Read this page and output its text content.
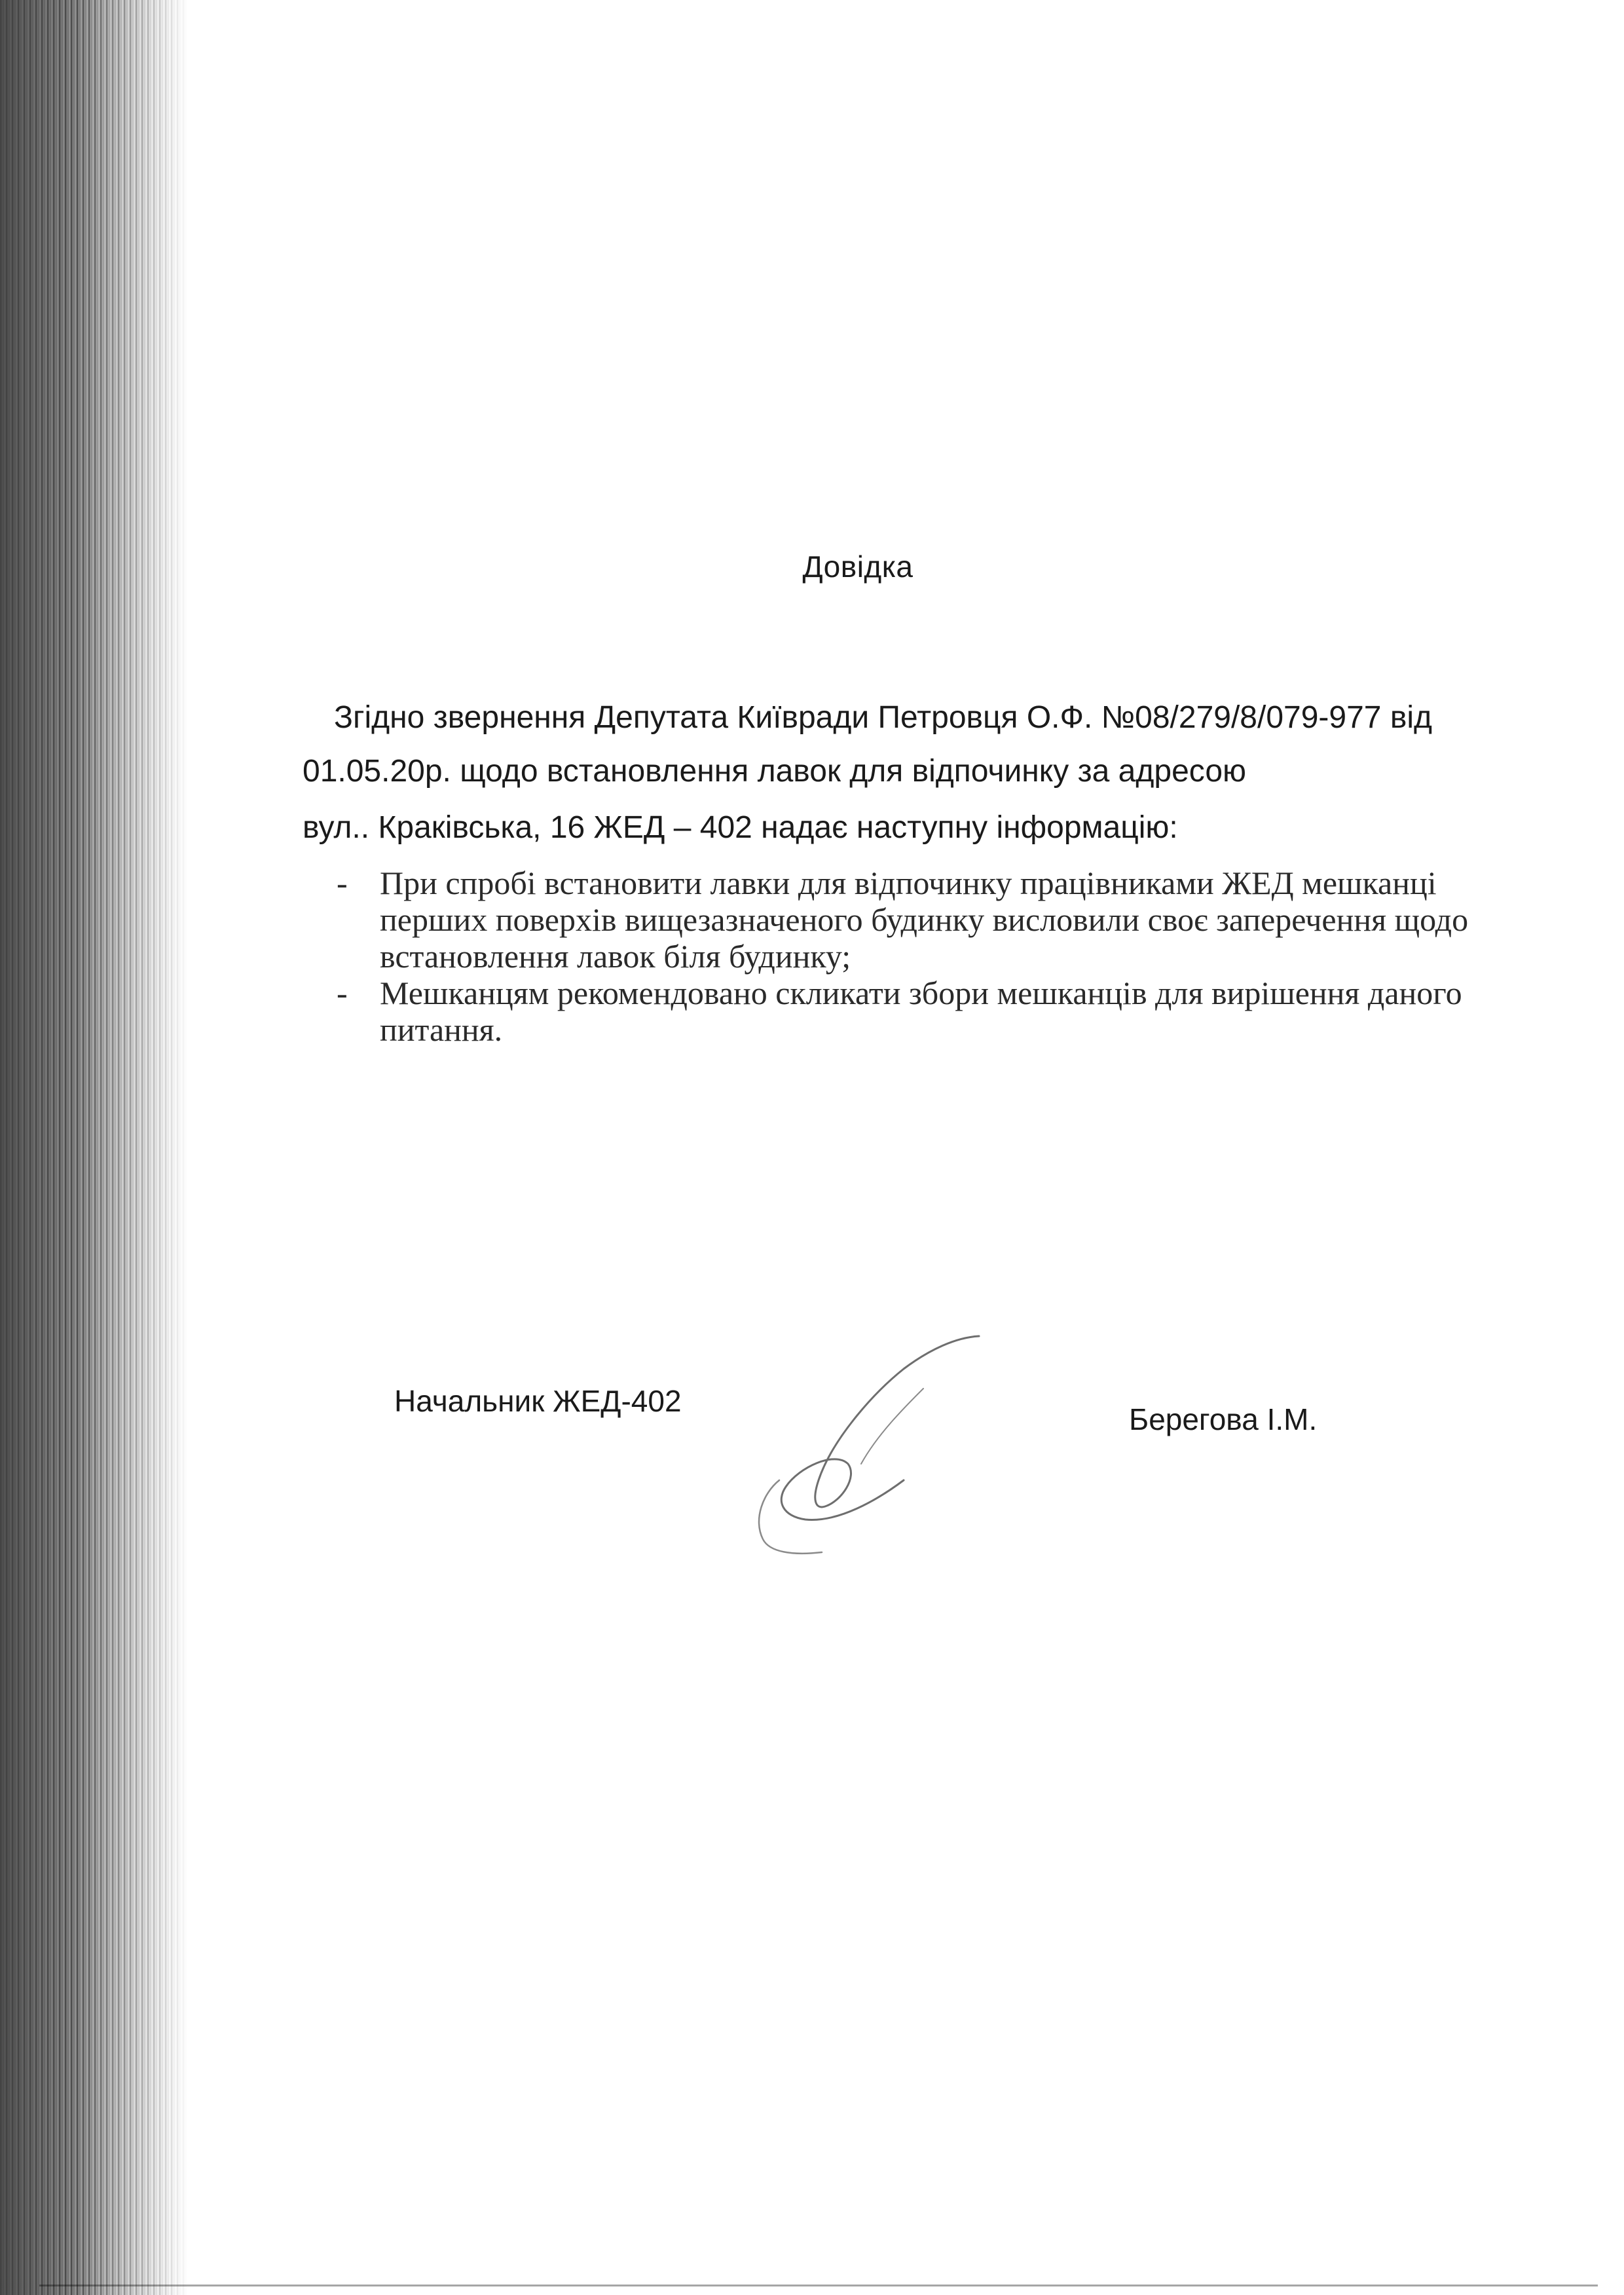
Довідка
Згідно звернення Депутата Київради Петровця О.Ф. №08/279/8/079-977 від
01.05.20р. щодо встановлення лавок для відпочинку за адресою
вул.. Краківська, 16 ЖЕД – 402 надає наступну інформацію:
- При спробі встановити лавки для відпочинку працівниками ЖЕД мешканці перших поверхів вищезазначеного будинку висловили своє заперечення щодо встановлення лавок біля будинку;
- Мешканцям рекомендовано скликати збори мешканців для вирішення даного питання.
Начальник ЖЕД-402
Берегова І.М.
